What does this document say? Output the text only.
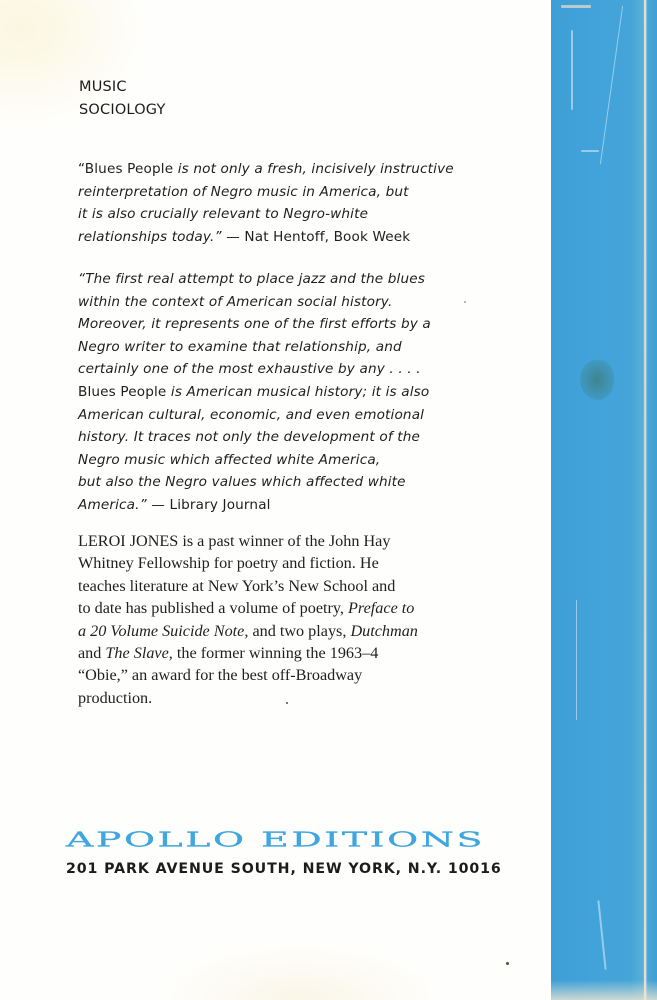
MUSIC
SOCIOLOGY
“Blues People is not only a fresh, incisively instructive
reinterpretation of Negro music in America, but
it is also crucially relevant to Negro-white
relationships today.” — Nat Hentoff, Book Week
“The first real attempt to place jazz and the blues
within the context of American social history.
Moreover, it represents one of the first efforts by a
Negro writer to examine that relationship, and
certainly one of the most exhaustive by any . . . .
Blues People is American musical history; it is also
American cultural, economic, and even emotional
history. It traces not only the development of the
Negro music which affected white America,
but also the Negro values which affected white
America.” — Library Journal
LEROI JONES is a past winner of the John Hay
Whitney Fellowship for poetry and fiction. He
teaches literature at New York’s New School and
to date has published a volume of poetry, Preface to
a 20 Volume Suicide Note, and two plays, Dutchman
and The Slave, the former winning the 1963–4
“Obie,” an award for the best off-Broadway
production.
APOLLO EDITIONS
201 PARK AVENUE SOUTH, NEW YORK, N.Y. 10016
